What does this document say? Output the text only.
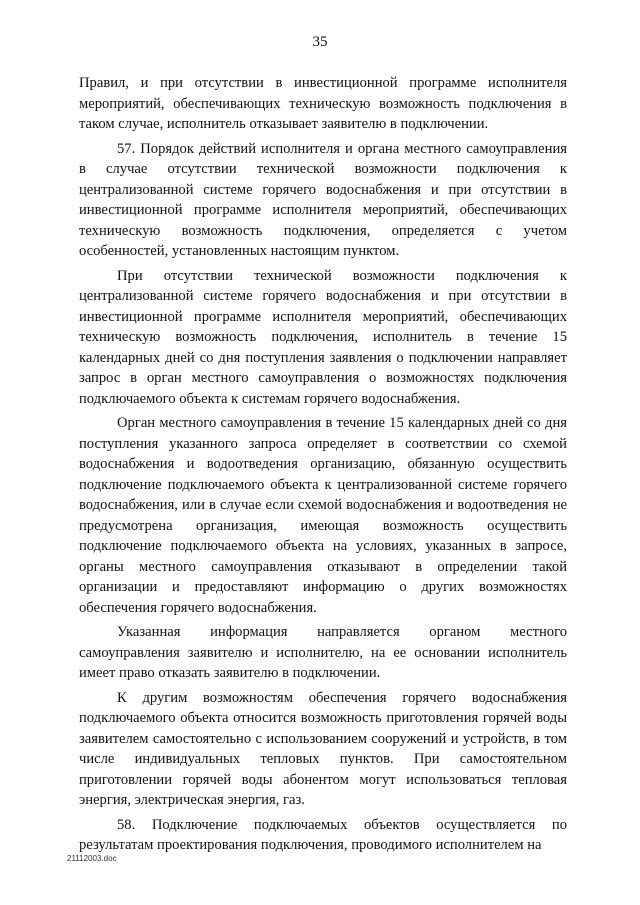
35

Правил, и при отсутствии в инвестиционной программе исполнителя мероприятий, обеспечивающих техническую возможность подключения в таком случае, исполнитель отказывает заявителю в подключении.

57. Порядок действий исполнителя и органа местного самоуправления в случае отсутствии технической возможности подключения к централизованной системе горячего водоснабжения и при отсутствии в инвестиционной программе исполнителя мероприятий, обеспечивающих техническую возможность подключения, определяется с учетом особенностей, установленных настоящим пунктом.

При отсутствии технической возможности подключения к централизованной системе горячего водоснабжения и при отсутствии в инвестиционной программе исполнителя мероприятий, обеспечивающих техническую возможность подключения, исполнитель в течение 15 календарных дней со дня поступления заявления о подключении направляет запрос в орган местного самоуправления о возможностях подключения подключаемого объекта к системам горячего водоснабжения.

Орган местного самоуправления в течение 15 календарных дней со дня поступления указанного запроса определяет в соответствии со схемой водоснабжения и водоотведения организацию, обязанную осуществить подключение подключаемого объекта к централизованной системе горячего водоснабжения, или в случае если схемой водоснабжения и водоотведения не предусмотрена организация, имеющая возможность осуществить подключение подключаемого объекта на условиях, указанных в запросе, органы местного самоуправления отказывают в определении такой организации и предоставляют информацию о других возможностях обеспечения горячего водоснабжения.

Указанная информация направляется органом местного самоуправления заявителю и исполнителю, на ее основании исполнитель имеет право отказать заявителю в подключении.

К другим возможностям обеспечения горячего водоснабжения подключаемого объекта относится возможность приготовления горячей воды заявителем самостоятельно с использованием сооружений и устройств, в том числе индивидуальных тепловых пунктов. При самостоятельном приготовлении горячей воды абонентом могут использоваться тепловая энергия, электрическая энергия, газ.

58. Подключение подключаемых объектов осуществляется по результатам проектирования подключения, проводимого исполнителем на

21112003.doc
